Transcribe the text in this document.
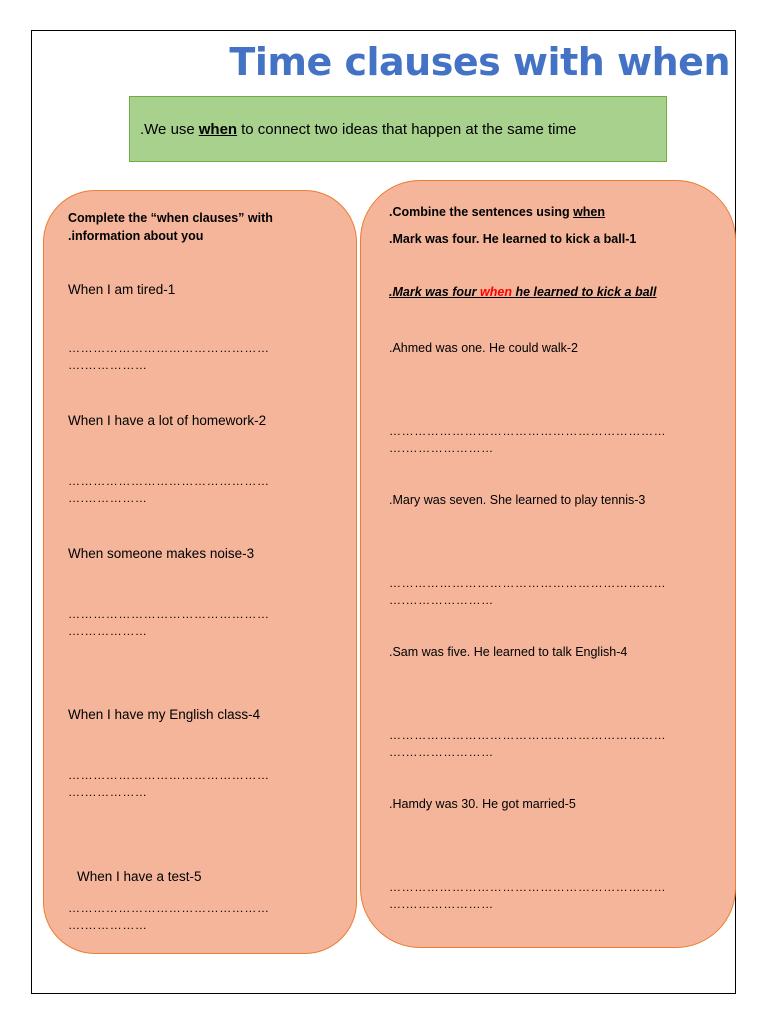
Time clauses with when
.We use when to connect two ideas that happen at the same time
Complete the “when clauses” with
.information about you
When I am tired-1
…………………………………………
….……………
When I have a lot of homework-2
…………………………………………
….……………
When someone makes noise-3
…………………………………………
….……………
When I have my English class-4
…………………………………………
….……………
When I have a test-5
…………………………………………
….……………
.Combine the sentences using when
.Mark was four. He learned to kick a ball-1
.Mark was four when he learned to kick a ball
.Ahmed was one. He could walk-2
…………………………………………………………
….…………………
.Mary was seven. She learned to play tennis-3
…………………………………………………………
….…………………
.Sam was five. He learned to talk English-4
…………………………………………………………
….…………………
.Hamdy was 30. He got married-5
…………………………………………………………
….…………………
